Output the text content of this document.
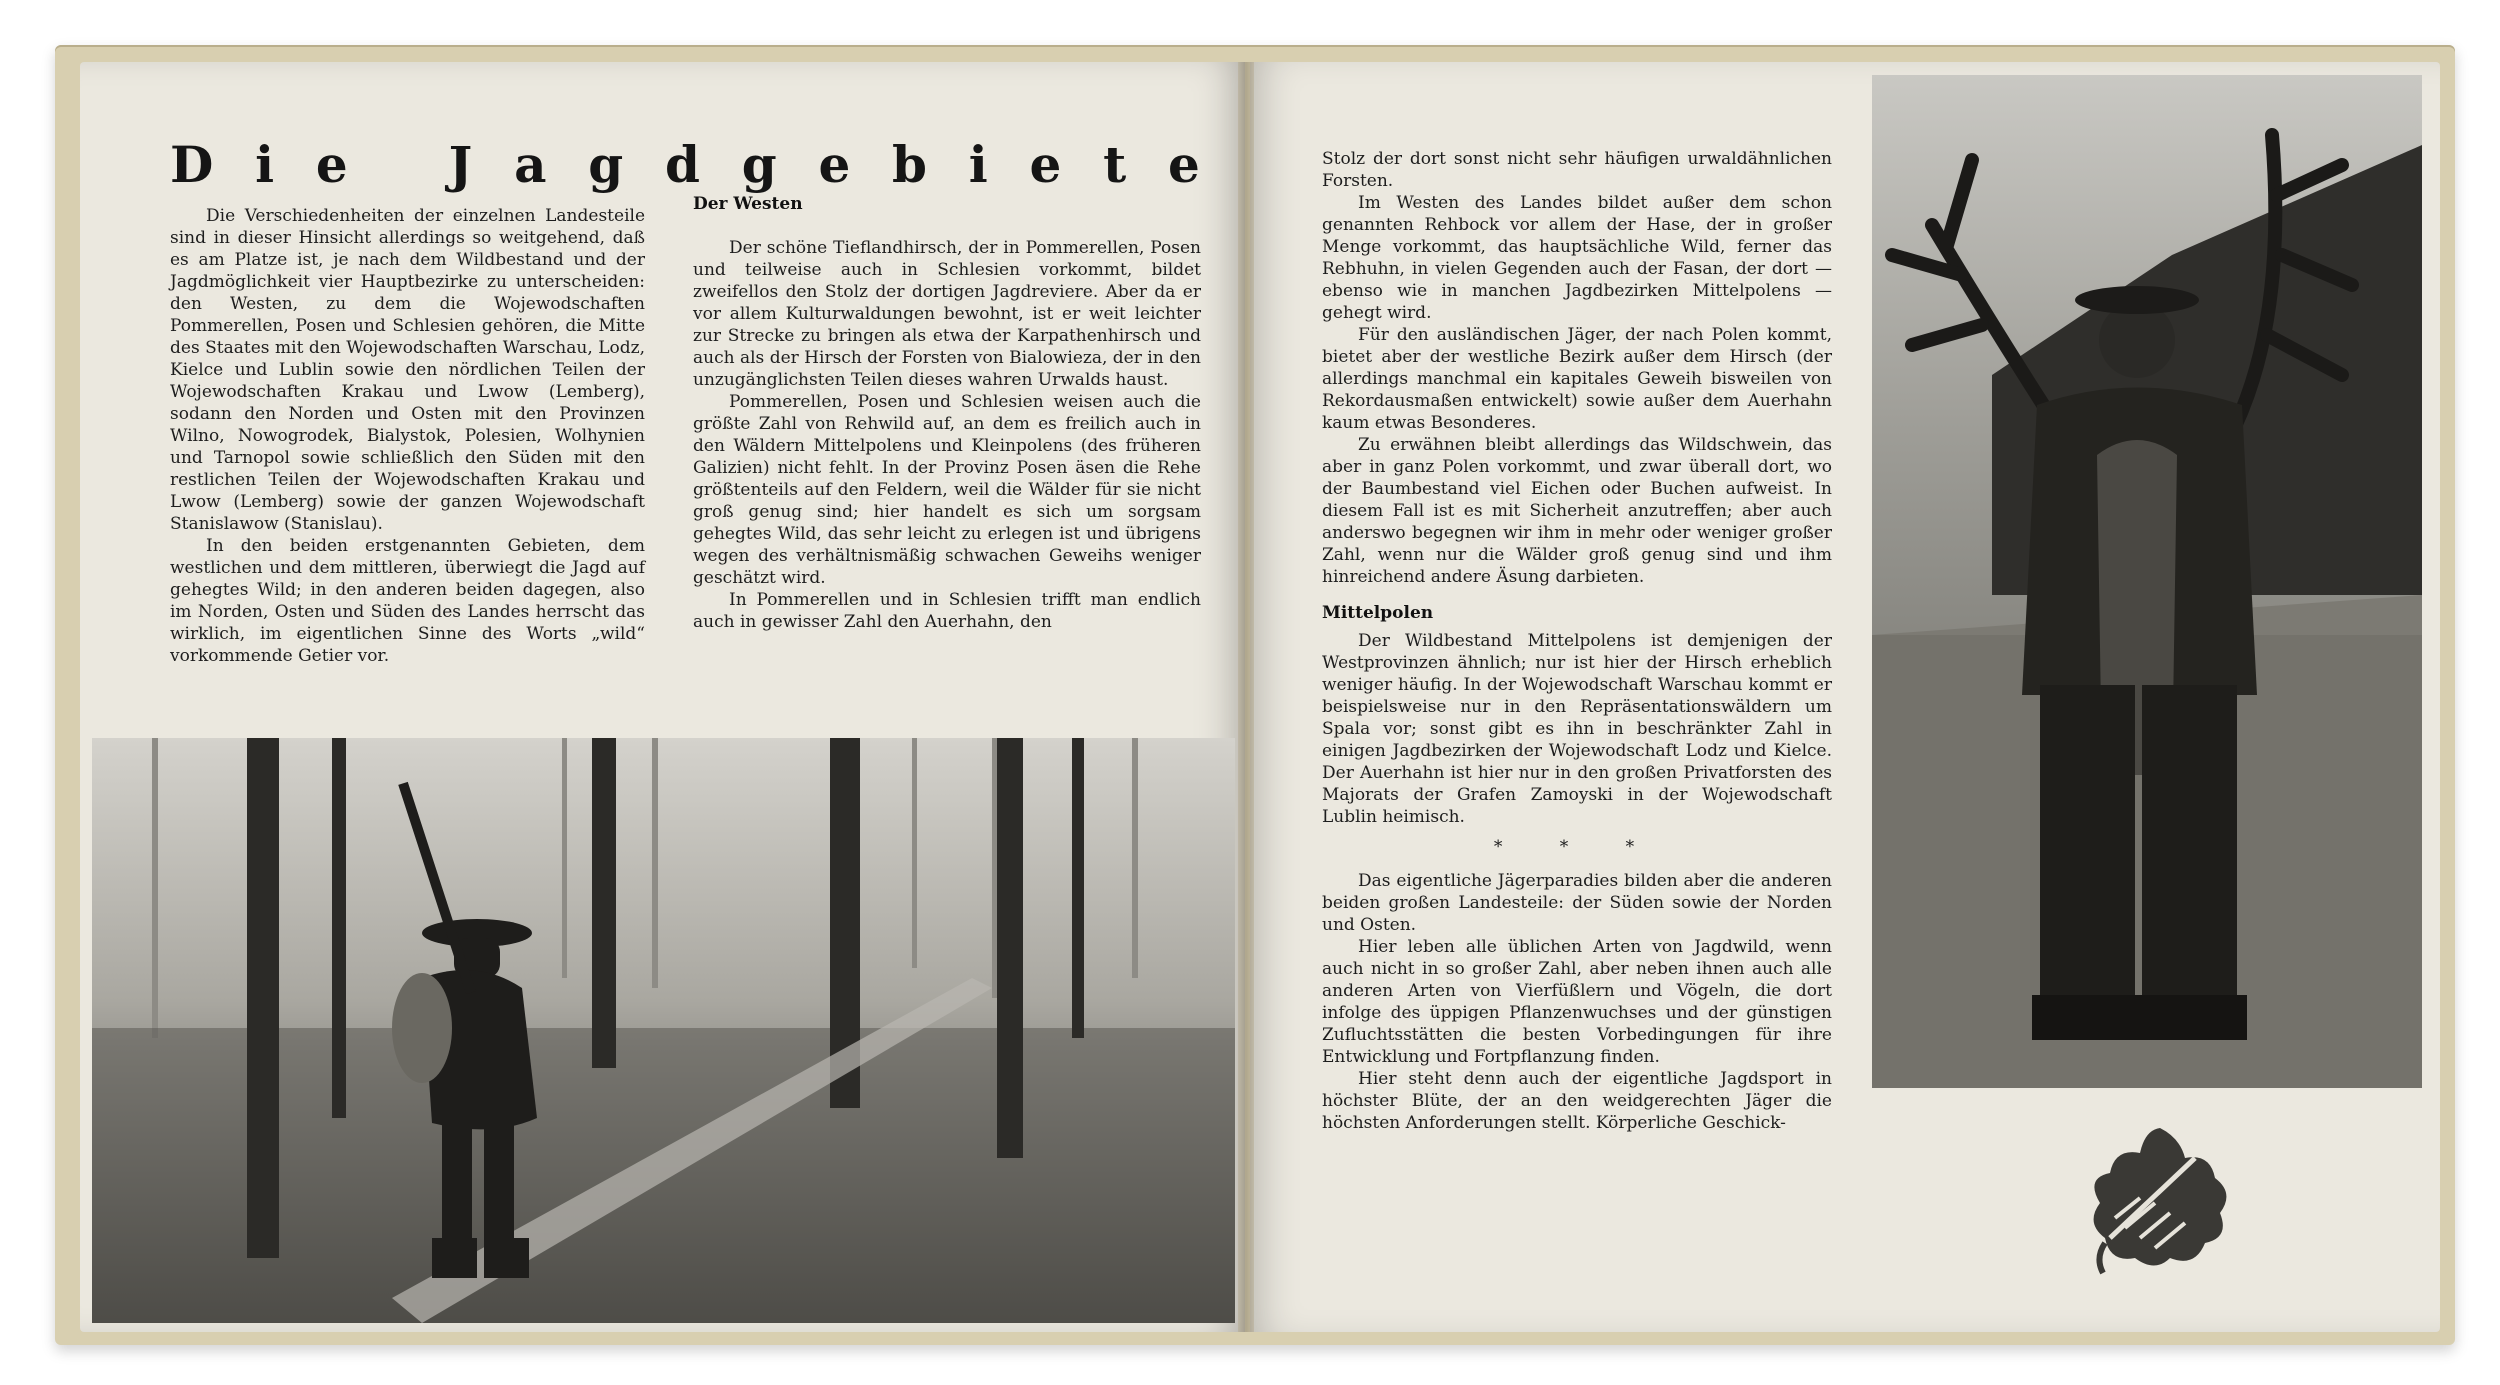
D i e
J a g d g e b i e t e

Die Verschiedenheiten der einzelnen Landesteile sind in dieser Hinsicht allerdings so weitgehend, daß es am Platze ist, je nach dem Wildbestand und der Jagdmöglichkeit vier Hauptbezirke zu unterscheiden: den Westen, zu dem die Wojewodschaften Pommerellen, Posen und Schlesien gehören, die Mitte des Staates mit den Wojewodschaften Warschau, Lodz, Kielce und Lublin sowie den nördlichen Teilen der Wojewodschaften Krakau und Lwow (Lemberg), sodann den Norden und Osten mit den Provinzen Wilno, Nowogrodek, Bialystok, Polesien, Wolhynien und Tarnopol sowie schließlich den Süden mit den restlichen Teilen der Wojewodschaften Krakau und Lwow (Lemberg) sowie der ganzen Wojewodschaft Stanislawow (Stanislau).

In den beiden erstgenannten Gebieten, dem westlichen und dem mittleren, überwiegt die Jagd auf gehegtes Wild; in den anderen beiden dagegen, also im Norden, Osten und Süden des Landes herrscht das wirklich, im eigentlichen Sinne des Worts „wild“ vorkommende Getier vor.

Der Westen

Der schöne Tieflandhirsch, der in Pommerellen, Posen und teilweise auch in Schlesien vorkommt, bildet zweifellos den Stolz der dortigen Jagdreviere. Aber da er vor allem Kulturwaldungen bewohnt, ist er weit leichter zur Strecke zu bringen als etwa der Karpathenhirsch und auch als der Hirsch der Forsten von Bialowieza, der in den unzugänglichsten Teilen dieses wahren Urwalds haust.

Pommerellen, Posen und Schlesien weisen auch die größte Zahl von Rehwild auf, an dem es freilich auch in den Wäldern Mittelpolens und Kleinpolens (des früheren Galizien) nicht fehlt. In der Provinz Posen äsen die Rehe größtenteils auf den Feldern, weil die Wälder für sie nicht groß genug sind; hier handelt es sich um sorgsam gehegtes Wild, das sehr leicht zu erlegen ist und übrigens wegen des verhältnismäßig schwachen Geweihs weniger geschätzt wird.

In Pommerellen und in Schlesien trifft man endlich auch in gewisser Zahl den Auerhahn, den

Stolz der dort sonst nicht sehr häufigen urwaldähnlichen Forsten.

Im Westen des Landes bildet außer dem schon genannten Rehbock vor allem der Hase, der in großer Menge vorkommt, das hauptsächliche Wild, ferner das Rebhuhn, in vielen Gegenden auch der Fasan, der dort — ebenso wie in manchen Jagdbezirken Mittelpolens — gehegt wird.

Für den ausländischen Jäger, der nach Polen kommt, bietet aber der westliche Bezirk außer dem Hirsch (der allerdings manchmal ein kapitales Geweih bisweilen von Rekordausmaßen entwickelt) sowie außer dem Auerhahn kaum etwas Besonderes.

Zu erwähnen bleibt allerdings das Wildschwein, das aber in ganz Polen vorkommt, und zwar überall dort, wo der Baumbestand viel Eichen oder Buchen aufweist. In diesem Fall ist es mit Sicherheit anzutreffen; aber auch anderswo begegnen wir ihm in mehr oder weniger großer Zahl, wenn nur die Wälder groß genug sind und ihm hinreichend andere Äsung darbieten.

Mittelpolen

Der Wildbestand Mittelpolens ist demjenigen der Westprovinzen ähnlich; nur ist hier der Hirsch erheblich weniger häufig. In der Wojewodschaft Warschau kommt er beispielsweise nur in den Repräsentationswäldern um Spala vor; sonst gibt es ihn in beschränkter Zahl in einigen Jagdbezirken der Wojewodschaft Lodz und Kielce. Der Auerhahn ist hier nur in den großen Privatforsten des Majorats der Grafen Zamoyski in der Wojewodschaft Lublin heimisch.

* * *

Das eigentliche Jägerparadies bilden aber die anderen beiden großen Landesteile: der Süden sowie der Norden und Osten.

Hier leben alle üblichen Arten von Jagdwild, wenn auch nicht in so großer Zahl, aber neben ihnen auch alle anderen Arten von Vierfüßlern und Vögeln, die dort infolge des üppigen Pflanzenwuchses und der günstigen Zufluchtsstätten die besten Vorbedingungen für ihre Entwicklung und Fortpflanzung finden.

Hier steht denn auch der eigentliche Jagdsport in höchster Blüte, der an den weidgerechten Jäger die höchsten Anforderungen stellt. Körperliche Geschick-
